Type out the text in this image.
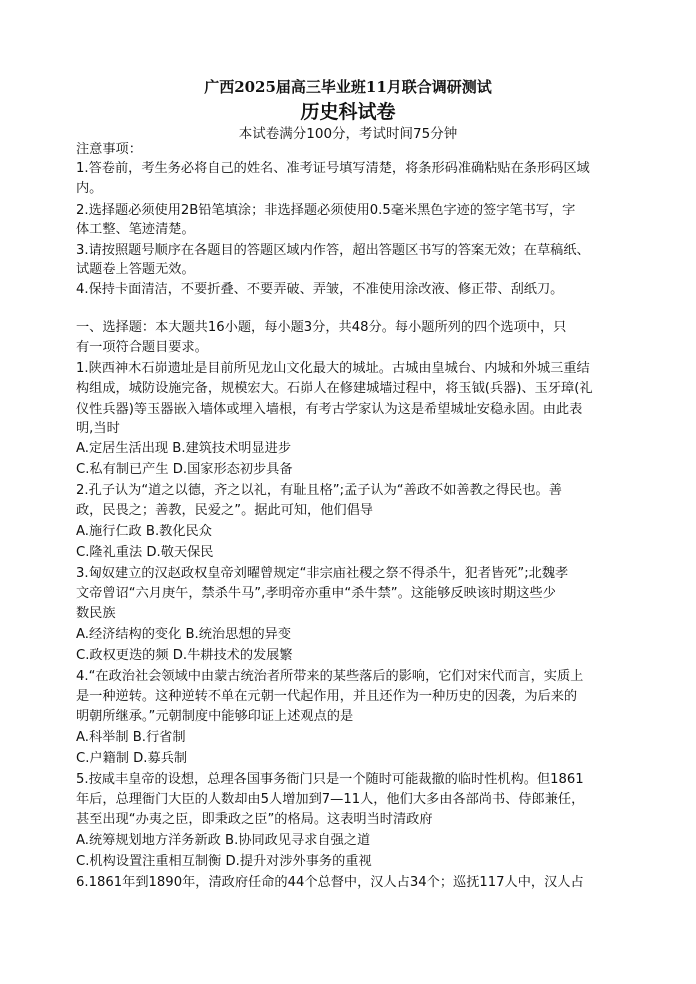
广西2025届高三毕业班11月联合调研测试
历史科试卷
本试卷满分100分，考试时间75分钟
注意事项：
1.答卷前，考生务必将自己的姓名、准考证号填写清楚，将条形码准确粘贴在条形码区域
内。
2.选择题必须使用2B铅笔填涂；非选择题必须使用0.5毫米黑色字迹的签字笔书写，字
体工整、笔迹清楚。
3.请按照题号顺序在各题目的答题区域内作答，超出答题区书写的答案无效；在草稿纸、
试题卷上答题无效。
4.保持卡面清洁，不要折叠、不要弄破、弄皱，不准使用涂改液、修正带、刮纸刀。
一、选择题：本大题共16小题，每小题3分，共48分。每小题所列的四个选项中，只
有一项符合题目要求。
1.陕西神木石峁遗址是目前所见龙山文化最大的城址。古城由皇城台、内城和外城三重结
构组成，城防设施完备，规模宏大。石峁人在修建城墙过程中，将玉钺(兵器)、玉牙璋(礼
仪性兵器)等玉器嵌入墙体或埋入墙根，有考古学家认为这是希望城址安稳永固。由此表
明,当时
A.定居生活出现 B.建筑技术明显进步
C.私有制已产生 D.国家形态初步具备
2.孔子认为“道之以德，齐之以礼，有耻且格”;孟子认为“善政不如善教之得民也。善
政，民畏之；善教，民爱之”。据此可知，他们倡导
A.施行仁政 B.教化民众
C.隆礼重法 D.敬天保民
3.匈奴建立的汉赵政权皇帝刘曜曾规定“非宗庙社稷之祭不得杀牛，犯者皆死”;北魏孝
文帝曾诏“六月庚午，禁杀牛马”,孝明帝亦重申“杀牛禁”。这能够反映该时期这些少
数民族
A.经济结构的变化 B.统治思想的异变
C.政权更迭的频 D.牛耕技术的发展繁
4.“在政治社会领域中由蒙古统治者所带来的某些落后的影响，它们对宋代而言，实质上
是一种逆转。这种逆转不单在元朝一代起作用，并且还作为一种历史的因袭，为后来的
明朝所继承。”元朝制度中能够印证上述观点的是
A.科举制 B.行省制
C.户籍制 D.募兵制
5.按咸丰皇帝的设想，总理各国事务衙门只是一个随时可能裁撤的临时性机构。但1861
年后，总理衙门大臣的人数却由5人增加到7—11人，他们大多由各部尚书、侍郎兼任，
甚至出现“办夷之臣，即秉政之臣”的格局。这表明当时清政府
A.统筹规划地方洋务新政 B.协同政见寻求自强之道
C.机构设置注重相互制衡 D.提升对涉外事务的重视
6.1861年到1890年，清政府任命的44个总督中，汉人占34个；巡抚117人中，汉人占
